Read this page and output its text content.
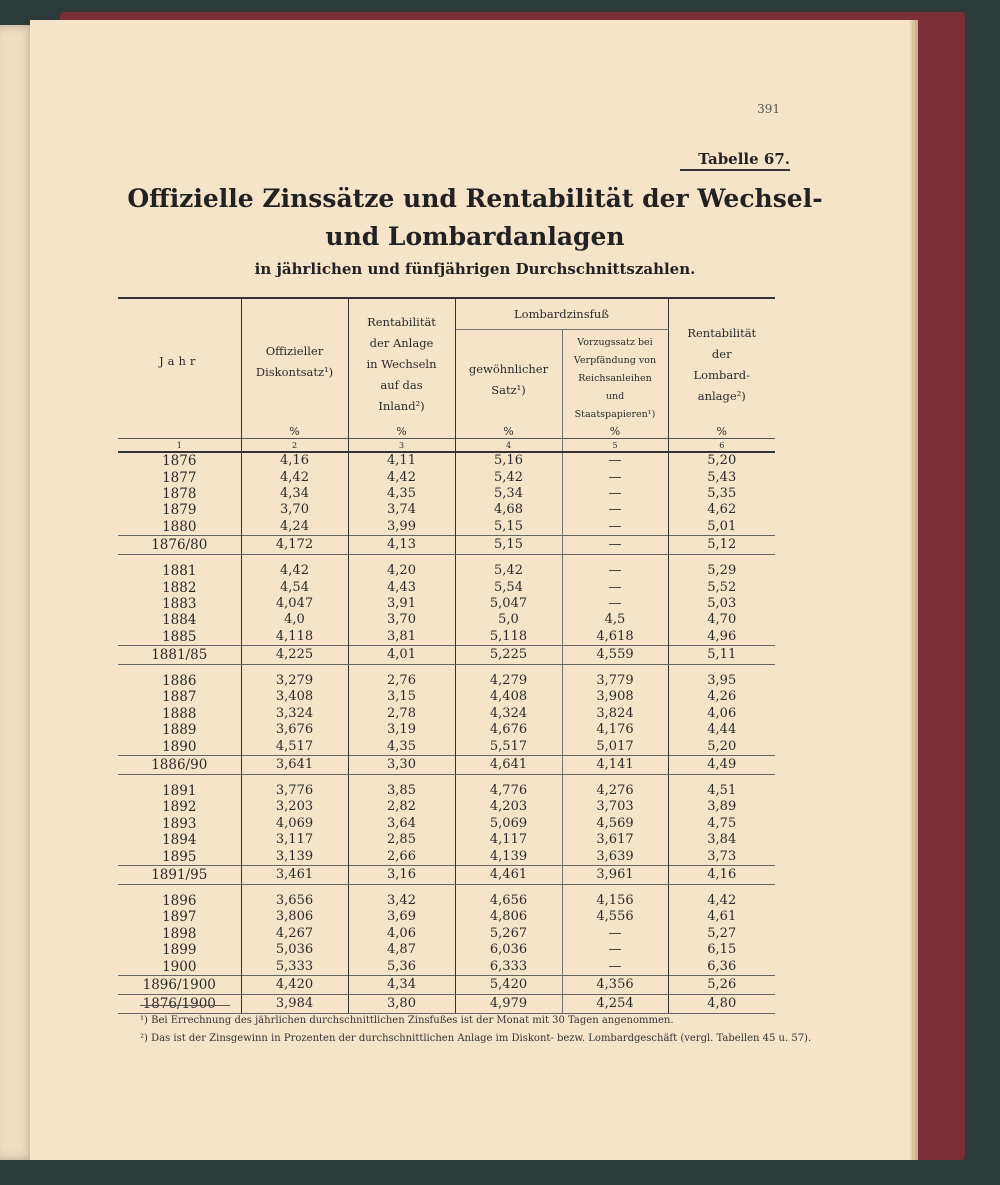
391
Tabelle 67.
Offizielle Zinssätze und Rentabilität der Wechsel-
und Lombardanlagen
in jährlichen und fünfjährigen Durchschnittszahlen.
Jahr	Offizieller Diskontsatz¹)	Rentabilität der Anlage in Wechseln auf das Inland²)	Lombardzinsfuß		Rentabilität der Lombard-anlage²)
			gewöhnlicher Satz¹)	Vorzugssatz bei Verpfändung von Reichsanleihen und Staatspapieren¹)	
	%	%	%	%	%
1	2	3	4	5	6
1876	4,16	4,11	5,16	—	5,20
1877	4,42	4,42	5,42	—	5,43
1878	4,34	4,35	5,34	—	5,35
1879	3,70	3,74	4,68	—	4,62
1880	4,24	3,99	5,15	—	5,01
1876/80	4,172	4,13	5,15	—	5,12

1881	4,42	4,20	5,42	—	5,29
1882	4,54	4,43	5,54	—	5,52
1883	4,047	3,91	5,047	—	5,03
1884	4,0	3,70	5,0	4,5	4,70
1885	4,118	3,81	5,118	4,618	4,96
1881/85	4,225	4,01	5,225	4,559	5,11

1886	3,279	2,76	4,279	3,779	3,95
1887	3,408	3,15	4,408	3,908	4,26
1888	3,324	2,78	4,324	3,824	4,06
1889	3,676	3,19	4,676	4,176	4,44
1890	4,517	4,35	5,517	5,017	5,20
1886/90	3,641	3,30	4,641	4,141	4,49

1891	3,776	3,85	4,776	4,276	4,51
1892	3,203	2,82	4,203	3,703	3,89
1893	4,069	3,64	5,069	4,569	4,75
1894	3,117	2,85	4,117	3,617	3,84
1895	3,139	2,66	4,139	3,639	3,73
1891/95	3,461	3,16	4,461	3,961	4,16

1896	3,656	3,42	4,656	4,156	4,42
1897	3,806	3,69	4,806	4,556	4,61
1898	4,267	4,06	5,267	—	5,27
1899	5,036	4,87	6,036	—	6,15
1900	5,333	5,36	6,333	—	6,36
1896/1900	4,420	4,34	5,420	4,356	5,26
1876/1900	3,984	3,80	4,979	4,254	4,80
¹) Bei Errechnung des jährlichen durchschnittlichen Zinsfußes ist der Monat mit 30 Tagen angenommen.
²) Das ist der Zinsgewinn in Prozenten der durchschnittlichen Anlage im Diskont- bezw. Lombardgeschäft (vergl. Tabellen 45 u. 57).
